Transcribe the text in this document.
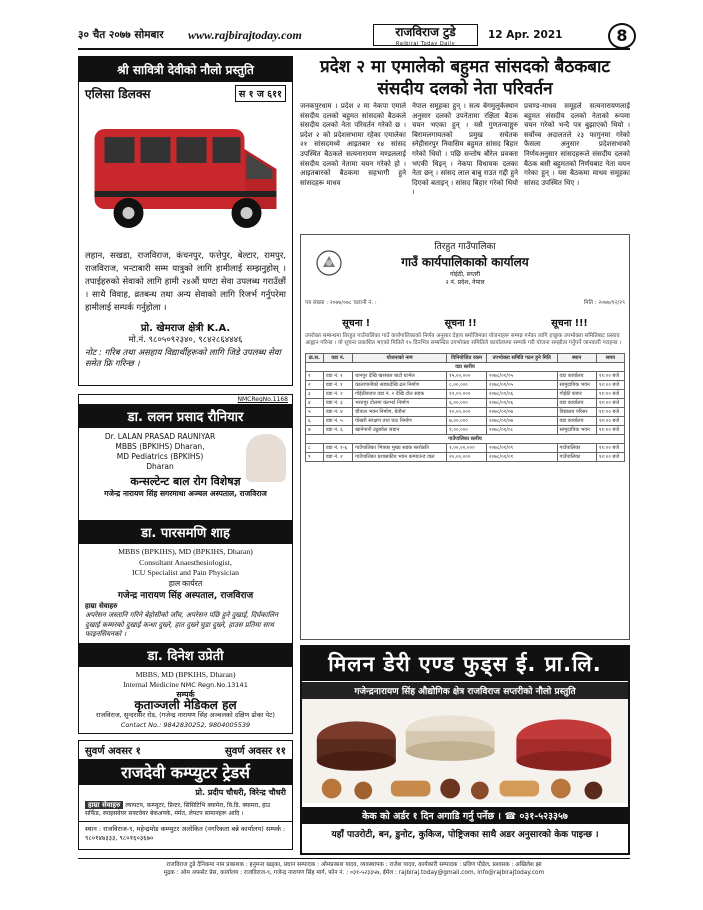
३० चैत २०७७ सोमबार	www.rajbirajtoday.com	राजविराज टुडे
Rajbiraj Today Daily
12 Apr. 2021	8
श्री सावित्री देवीको नौलो प्रस्तुति
एलिसा डिलक्स	स १ ज ६११
लहान, सखडा, राजविराज, कंचनपुर, फत्तेपुर, बेल्टार, रामपुर, राजविराज, भन्टाबारी सम्म यात्रुको लागि हामीलाई सम्झनुहोस् । तपाईहरुको सेवाको लागि हामी २४औं घण्टा सेवा उपलब्ध गराउँछौं । साथै विवाह, व्रतबन्ध तथा अन्य सेवाको लागि रिजर्भ गर्नुपरेमा हामीलाई सम्पर्क गर्नुहोला ।
प्रो. खेमराज क्षेत्री K.A.
मो.नं. ९८०५०९२३४०, ९८४२८६४४४६
नोट : गरिब तथा असहाय विद्यार्थीहरूको लागि जिडे उपलब्ध सेवा समेत फ्रि गरिन्छ ।
NMCRegNo.1168
डा. ललन प्रसाद रौनियार
Dr. LALAN PRASAD RAUNIYAR
MBBS (BPKIHS) Dharan,
MD Pediatrics (BPKIHS)
Dharan
कन्सल्टेन्ट बाल रोग विशेषज्ञ
गजेन्द्र नारायण सिंह सगरमाथा अञ्चल अस्पताल, राजविराज
डा. पारसमणि शाह
MBBS (BPKIHS), MD (BPKIHS, Dharan)
Consultant Anaesthesiologist,
ICU Specialist and Pain Physician
हाल कार्यरत
गजेन्द्र नारायण सिंह अस्पताल, राजविराज
हाम्रा सेवाहरु
अपरेसन जस्तानि गरिने बेहोसीको जाँच, अपरेसन पछि हुने दुखाई, दिर्घकालिन दुखाई कम्मरको दुखाई कन्धा दुख्ने, हात दुख्ने घुडा दुख्ने, हाउस प्रतिमा साथ फाइनसियनको ।
डा. दिनेश उप्रेती
MBBS, MD (BPKIHS, Dharan)
Internal Medicine NMC Regn.No.13141
सम्पर्क
कृताञ्जली मेडिकल हल
राजविराज, सुन्दरासर रोड, (गजेन्द्र नारायण सिंह अञ्चलको दक्षिण ढोका पेट)
Contact No.: 9842830252, 9804005539
सुवर्ण अवसर १	सुवर्ण अवसर ११
राजदेवी कम्प्युटर ट्रेडर्स
प्रो. प्रदीप चौधरी, विरेन्द्र चौधरी
हाम्रा सेवाहरु ल्यापटप, कम्प्युटर, प्रिन्टर, सिसिटिभि क्यामेरा, वि.डि. क्यामरा, हाउ सर्फिङ, स्पाइसवेयर सफ्टवेयर बेकअपके, मर्मत, लेपटप सामानहरू आदि ।
स्थान : राजविराज-९, महेन्द्रमोड कम्प्युटर अलोकित (नगरिकता बन्ने कार्यालय) सम्पर्क : ९८०१४७३३३, ९८०१६०३६७०
प्रदेश २ मा एमालेको बहुमत सांसदको बैठकबाट संसदीय दलको नेता परिवर्तन
जनकपुरधाम । प्रदेश २ मा नेकपा एमाले संसदीय दलको बहुमत सांसदको बैठकले संसदीय दलको नेता परिवर्तन गरेको छ । प्रदेश २ को प्रदेशसभामा रहेका एमालेका २१ सांसदमध्ये आइतबार १४ सांसद उपस्थित बैठकले सत्यनारायण मण्डललाई संसदीय दलको नेतामा चयन गरेको हो । आइतबारको बैठकमा सहभागी हुने सांसदहरू माधव
नेपाल समूहका हुन् । सत्य बेगमुलुकेस्थान अनुसार दलको उपनेतामा रक्षिता बैठक चयन भएका हुन् । यसै गुणतन्वाङ्गुरु बिरामलगायतको प्रमुख सचेतक स्नेहीसरपुर निवासिम बहुमत सांसद बिहार गरेको थियो । पछि सन्तोष बौरेल प्रवक्ता भएकी थिइन् । नेकपा विधायक दलका नेता छन् । सांसद लाल बाबु राउत गद्दी हुने दिएको बताइन् । सांसद बिहार गरेको थियो ।
प्रचण्ड-माधव समूहले सत्यनारायणलाई बहुमत संसदीय दलको नेताको रूपमा चयन गरेको भन्दै पत्र बुझाएको थियो । सर्वोच्च अदालतले २३ फागुनमा गरेको फैसला अनुसार प्रदेशसभाको निर्णयअनुसार सांसदहरूले संसदीय दलको बैठक बसी बहुमतको निर्णयबाट नेता चयन गरेका हुन् । यस बैठकमा माधव समूहका सांसद उपस्थित थिए ।
तिरहुत गाउँपालिका
गाउँ कार्यपालिकाको कार्यालय
गोईठी, सप्तरी
२ नं. प्रदेश, नेपाल
पत्र संख्या : २०७७/०७८ चलानी नं. :	मिति : २०७७/१२/२९
सूचना !	सूचना !!	सूचना !!!
उपरोक्त सम्बन्धमा तिरहुत गाउँपालिका गाउँ कार्यपालिकाको निर्णय अनुसार देहाय बमोजिमका योजनाहरू सम्पन्न गर्नका लागि इच्छुक उपभोक्ता समितिबाट प्रस्ताव आह्वान गरिन्छ । यो सूचना प्रकाशित भएको मितिले १५ दिनभित्र सम्बन्धित उपभोक्ता समितिले कार्यालयमा सम्पर्क गरी योजना सम्झौता गर्नुपर्ने जानकारी गराइन्छ ।
क्र.स.	वडा नं.	योजनाको नाम	विनियोजित रकम	उपभोक्ता समिति गठन हुने मिति	स्थान	समय
वडा स्तरीय						
१	वडा नं. १	धानपुर देखि खरसाल बाटो ग्राभेल	१५,००,०००	२०७८/०१/०५	वडा कार्यालय	११:०० बजे
२	वडा नं. १	कालापानीको सडकदेखि ढल निर्माण	८,००,०००	२०७८/०१/०५	सामुदायिक भवन	१२:०० बजे
३	वडा नं. २	गोईठीबजार वडा नं. २ देखि टोल सडक	१२,००,०००	२०७८/०१/०६	गोईठी बजार	११:०० बजे
४	वडा नं. ३	भरतपुर टोलमा कल्भर्ट निर्माण	६,००,०००	२०७८/०१/०६	वडा कार्यालय	१२:०० बजे
५	वडा नं. ४	चौपाल भवन निर्माण, बेतौना	१०,००,०००	२०७८/०१/०७	विद्यालय परिसर	११:०० बजे
६	वडा नं. ५	पोखरी संरक्षण तथा घाट निर्माण	७,००,०००	२०७८/०१/०७	वडा कार्यालय	१२:०० बजे
७	वडा नं. ६	खानेपानी ट्युबवेल जडान	९,००,०००	२०७८/०१/०८	सामुदायिक भवन	११:०० बजे
गाउँपालिका स्तरीय						
८	वडा नं. १-६	गाउँपालिका भित्रका मुख्य सडक स्तरोन्नति	१,००,००,०००	२०७८/०१/०९	गाउँपालिका	११:०० बजे
९	वडा नं. २	गाउँपालिका प्रशासकीय भवन कम्पाउन्ड वाल	२०,००,०००	२०७८/०१/०९	गाउँपालिका	१२:०० बजे
मिलन डेरी एण्ड फुड्स ई. प्रा.लि.
गजेन्द्रनारायण सिंह औद्योगिक क्षेत्र राजविराज सप्तरीको नौलो प्रस्तुति
केक को अर्डर १ दिन अगाडि गर्नु पर्नेछ । ☎ ०३१-५२३३५७
यहाँ पाउरोटी, बन, डुनोट, कुकिज, पोष्ट्रिजका साथै अडर अनुसारको केक पाइन्छ ।
राजविराज टुडे दैनिकमा नाम प्रकाशक : हनुमन्त खड्का, प्रधान सम्पादक : ओमप्रकाश यादव, व्यवस्थापक : राजेश यादव, कार्यकारी सम्पादक : प्रविण पौडेल, प्रशासक : अखिलेश झा
मुद्रक : ओम अफसेट प्रेस, कार्यालय : राजविराज-९, गजेन्द्र नारायण सिंह मार्ग, फोन नं. : ०३१-५२३३५७, ईमेल : rajbiraj.today@gmail.com, info@rajbirajtoday.com
